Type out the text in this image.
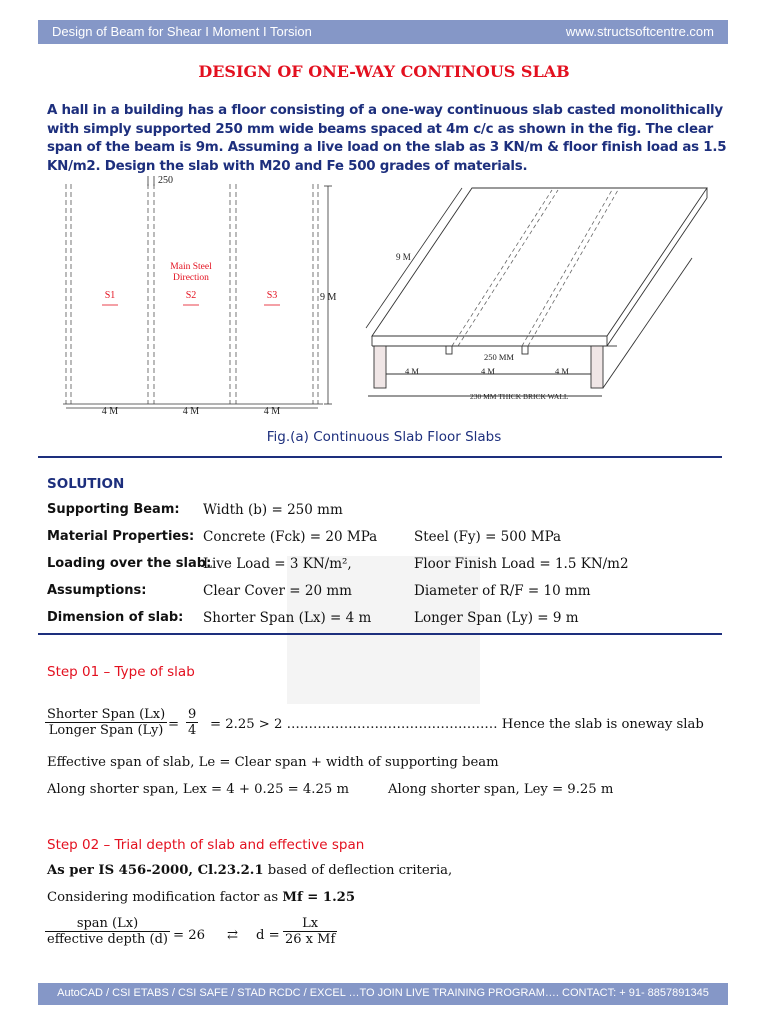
Design of Beam for Shear I Moment I Torsion	www.structsoftcentre.com
DESIGN OF ONE-WAY CONTINOUS SLAB
A hall in a building has a floor consisting of a one-way continuous slab casted monolithically with simply supported 250 mm wide beams spaced at 4m c/c as shown in the fig. The clear span of the beam is 9m. Assuming a live load on the slab as 3 KN/m & floor finish load as 1.5 KN/m2. Design the slab with M20 and Fe 500 grades of materials.
250
Main Steel
Direction
S1	S2	S3	9 M
4 M	4 M	4 M
9 M
250 MM
4 M	4 M	4 M
230 MM THICK BRICK WALL
Fig.(a) Continuous Slab Floor Slabs
SOLUTION
Supporting Beam: Width (b) = 250 mm
Material Properties: Concrete (Fck) = 20 MPa	Steel (Fy) = 500 MPa
Loading over the slab:
Live Load = 3 KN/m²,	Floor Finish Load = 1.5 KN/m2
Assumptions:	Clear Cover = 20 mm	Diameter of R/F = 10 mm
Dimension of slab: Shorter Span (Lx) = 4 m	Longer Span (Ly) = 9 m
Step 01 – Type of slab
Shorter Span (Lx)
Longer Span $(Ly) = \frac{9}{4} = 2.25 > 2$ ………………………………………… Hence the slab is oneway slab
Effective span of slab, Le = Clear span + width of supporting beam
Along shorter span, Lex = 4 + 0.25 = 4.25 m	Along shorter span, Ley = 9.25 m
Step 02 – Trial depth of slab and effective span
As per IS 456-2000, Cl.23.2.1 based of deflection criteria,
Considering modification factor as Mf = 1.25
span (Lx)
effective depth (d) = 26 ⇄ $d = \frac{Lx}{\text{26 x Mf}}$
AutoCAD / CSI ETABS / CSI SAFE / STAD RCDC / EXCEL …TO JOIN LIVE TRAINING PROGRAM…. CONTACT: + 91- 8857891345
